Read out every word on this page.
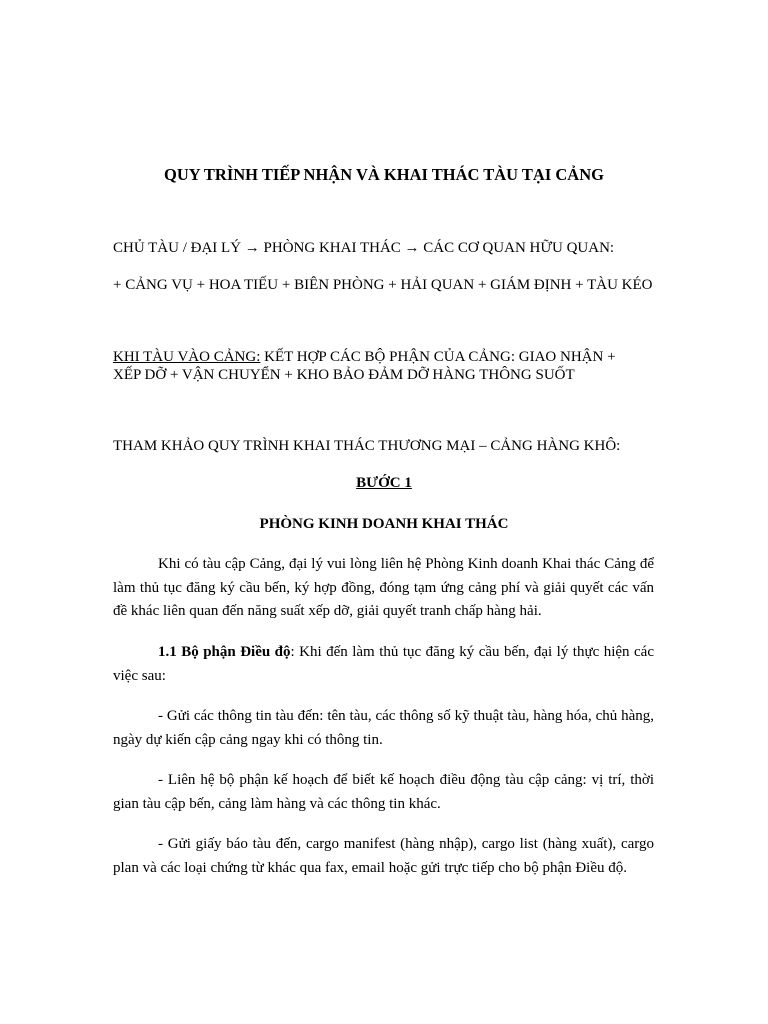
QUY TRÌNH TIẾP NHẬN VÀ KHAI THÁC TÀU TẠI CẢNG
CHỦ TÀU / ĐẠI LÝ → PHÒNG KHAI THÁC → CÁC CƠ QUAN HỮU QUAN:
+ CẢNG VỤ + HOA TIẾU + BIÊN PHÒNG + HẢI QUAN + GIÁM ĐỊNH + TÀU KÉO
KHI TÀU VÀO CẢNG: KẾT HỢP CÁC BỘ PHẬN CỦA CẢNG: GIAO NHẬN +
XẾP DỠ + VẬN CHUYỂN + KHO BẢO ĐẢM DỠ HÀNG THÔNG SUỐT
THAM KHẢO QUY TRÌNH KHAI THÁC THƯƠNG MẠI – CẢNG HÀNG KHÔ:
BƯỚC 1
PHÒNG KINH DOANH KHAI THÁC
Khi có tàu cập Cảng, đại lý vui lòng liên hệ Phòng Kinh doanh Khai thác Cảng để làm thủ tục đăng ký cầu bến, ký hợp đồng, đóng tạm ứng cảng phí và giải quyết các vấn đề khác liên quan đến năng suất xếp dỡ, giải quyết tranh chấp hàng hải.
1.1 Bộ phận Điều độ: Khi đến làm thủ tục đăng ký cầu bến, đại lý thực hiện các việc sau:
- Gửi các thông tin tàu đến: tên tàu, các thông số kỹ thuật tàu, hàng hóa, chủ hàng, ngày dự kiến cập cảng ngay khi có thông tin.
- Liên hệ bộ phận kế hoạch để biết kế hoạch điều động tàu cập cảng: vị trí, thời gian tàu cập bến, cảng làm hàng và các thông tin khác.
- Gửi giấy báo tàu đến, cargo manifest (hàng nhập), cargo list (hàng xuất), cargo plan và các loại chứng từ khác qua fax, email hoặc gửi trực tiếp cho bộ phận Điều độ.
